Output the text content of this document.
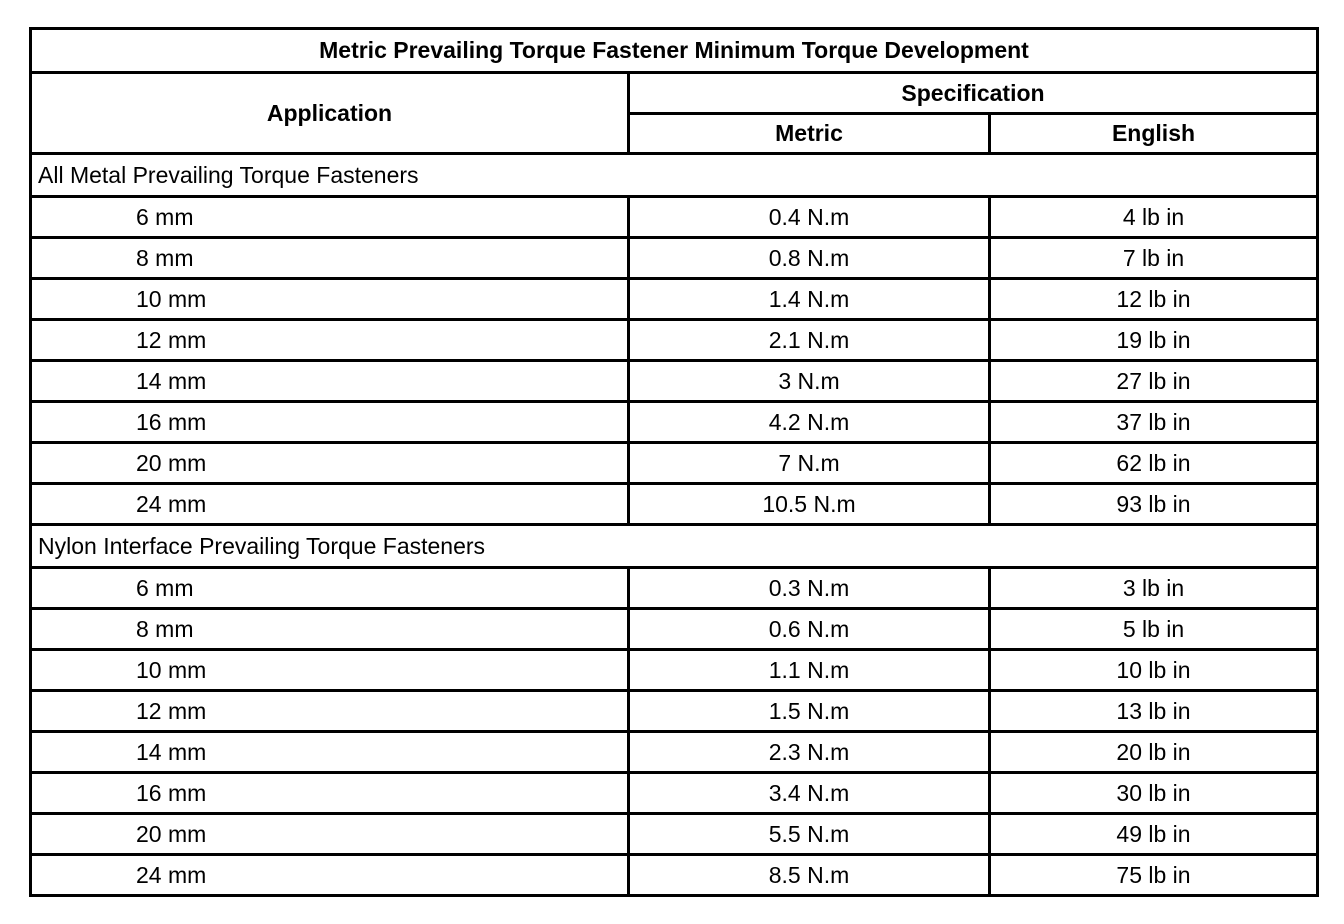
Metric Prevailing Torque Fastener Minimum Torque Development		
Application	Specification	
	Metric	English
All Metal Prevailing Torque Fasteners		
6 mm	0.4 N.m	4 lb in
8 mm	0.8 N.m	7 lb in
10 mm	1.4 N.m	12 lb in
12 mm	2.1 N.m	19 lb in
14 mm	3 N.m	27 lb in
16 mm	4.2 N.m	37 lb in
20 mm	7 N.m	62 lb in
24 mm	10.5 N.m	93 lb in
Nylon Interface Prevailing Torque Fasteners		
6 mm	0.3 N.m	3 lb in
8 mm	0.6 N.m	5 lb in
10 mm	1.1 N.m	10 lb in
12 mm	1.5 N.m	13 lb in
14 mm	2.3 N.m	20 lb in
16 mm	3.4 N.m	30 lb in
20 mm	5.5 N.m	49 lb in
24 mm	8.5 N.m	75 lb in
